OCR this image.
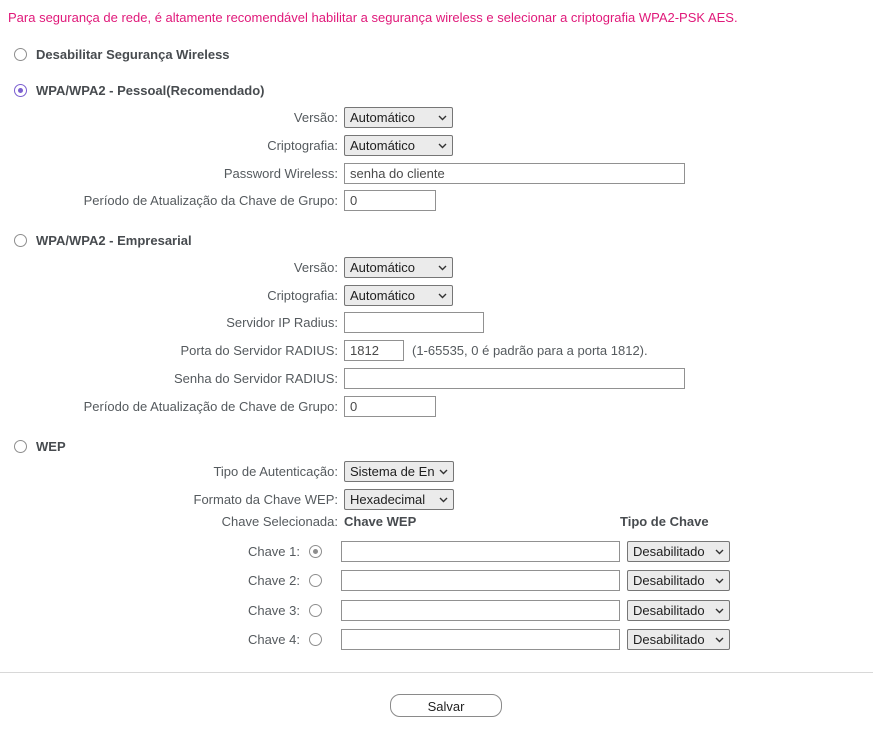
Para segurança de rede, é altamente recomendável habilitar a segurança wireless e selecionar a criptografia WPA2-PSK AES.
Desabilitar Segurança Wireless
WPA/WPA2 - Pessoal(Recomendado)
Versão: Automático
Criptografia: Automático
Password Wireless:
senha do cliente
Período de Atualização da Chave de Grupo:
0
WPA/WPA2 - Empresarial
Versão: Automático
Criptografia: Automático
Servidor IP Radius:
Porta do Servidor RADIUS:
1812	(1-65535, 0 é padrão para a porta 1812).
Senha do Servidor RADIUS:
Período de Atualização de Chave de Grupo:
0
WEP
Tipo de Autenticação: Sistema de En
Formato da Chave WEP: Hexadecimal
Chave Selecionada: Chave WEP	Tipo de Chave
Chave 1:	Desabilitado
Chave 2:	Desabilitado
Chave 3:	Desabilitado
Chave 4:	Desabilitado
Salvar
